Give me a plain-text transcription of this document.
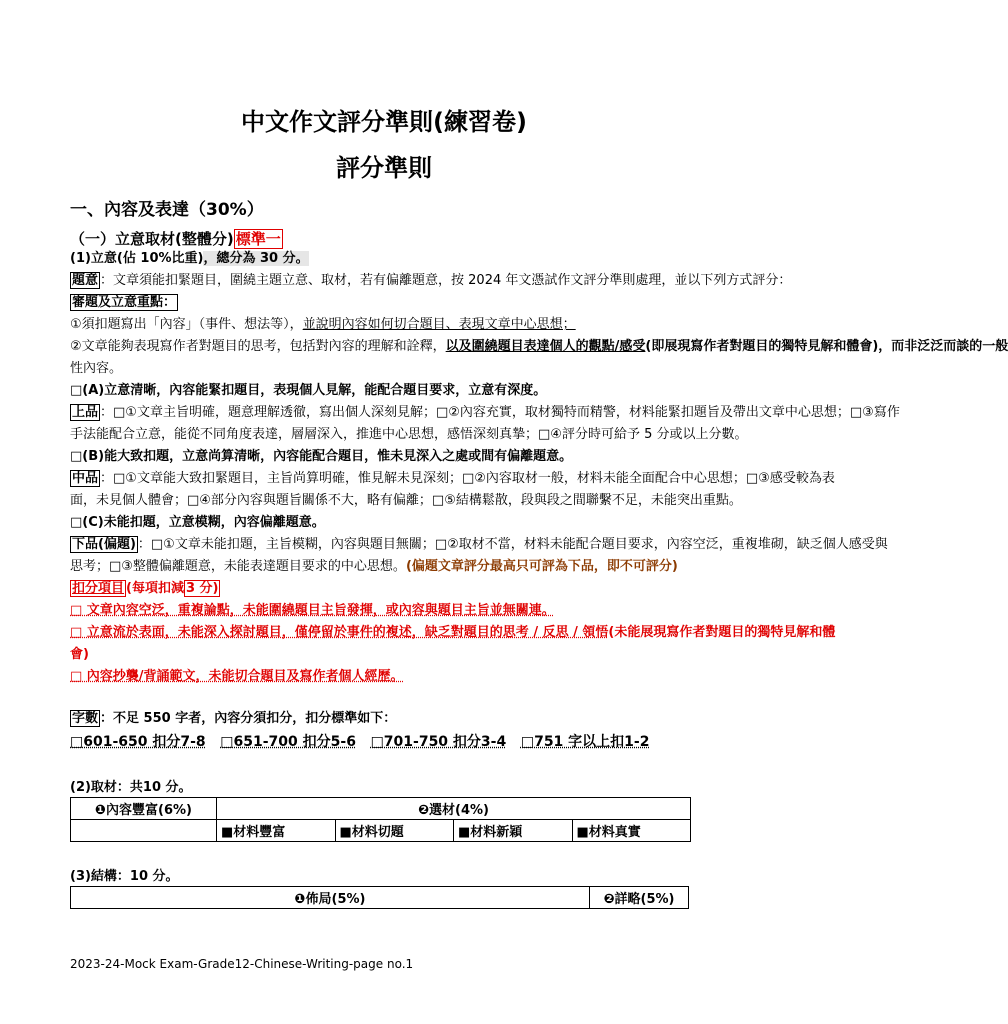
中文作文評分準則(練習卷)
評分準則
一、內容及表達（30%）
（一）立意取材(整體分) 標準一
(1)立意(佔 10%比重)，總分為 30 分。
題意 ：文章須能扣緊題目，圍繞主題立意、取材，若有偏離題意，按 2024 年文憑試作文評分準則處理，並以下列方式評分：
審題及立意重點：
①須扣題寫出「內容」（事件、想法等），並說明內容如何切合題目、表現文章中心思想；
②文章能夠表現寫作者對題目的思考，包括對內容的理解和詮釋，以及圍繞題目表達個人的觀點/感受(即展現寫作者對題目的獨特見解和體會)，而非泛泛而談的一般
性內容。
□(A)立意清晰，內容能緊扣題目，表現個人見解，能配合題目要求，立意有深度。
上品 ：□①文章主旨明確，題意理解透徹，寫出個人深刻見解；□②內容充實，取材獨特而精警，材料能緊扣題旨及帶出文章中心思想；□③寫作
手法能配合立意，能從不同角度表達，層層深入，推進中心思想，感悟深刻真摯；□④評分時可給予 5 分或以上分數。
□(B)能大致扣題，立意尚算清晰，內容能配合題目，惟未見深入之處或間有偏離題意。
中品 ：□①文章能大致扣緊題目，主旨尚算明確，惟見解未見深刻；□②內容取材一般，材料未能全面配合中心思想；□③感受較為表
面，未見個人體會；□④部分內容與題旨關係不大，略有偏離；□⑤結構鬆散，段與段之間聯繫不足，未能突出重點。
□(C)未能扣題，立意模糊，內容偏離題意。
下品(偏題) ：□①文章未能扣題，主旨模糊，內容與題目無關；□②取材不當，材料未能配合題目要求，內容空泛，重複堆砌，缺乏個人感受與
思考；□③整體偏離題意，未能表達題目要求的中心思想。(偏題文章評分最高只可評為下品，即不可評分)
扣分項目 (每項扣減 3 分)
□ 文章內容空泛，重複論點，未能圍繞題目主旨發揮，或內容與題目主旨並無關連。
□ 立意流於表面，未能深入探討題目，僅停留於事件的複述，缺乏對題目的思考 / 反思 / 領悟(未能展現寫作者對題目的獨特見解和體
會)
□ 內容抄襲/背誦範文，未能切合題目及寫作者個人經歷。
字數 ：不足 550 字者，內容分須扣分，扣分標準如下：
□601-650 扣分7-8 □651-700 扣分5-6 □701-750 扣分3-4 □751 字以上扣1-2
(2)取材：共10 分。
❶內容豐富(6%)	❷選材(4%)			
	■材料豐富	■材料切題	■材料新穎	■材料真實
(3)結構：10 分。
❶佈局(5%)	❷詳略(5%)
2023-24-Mock Exam-Grade12-Chinese-Writing-page no.1
